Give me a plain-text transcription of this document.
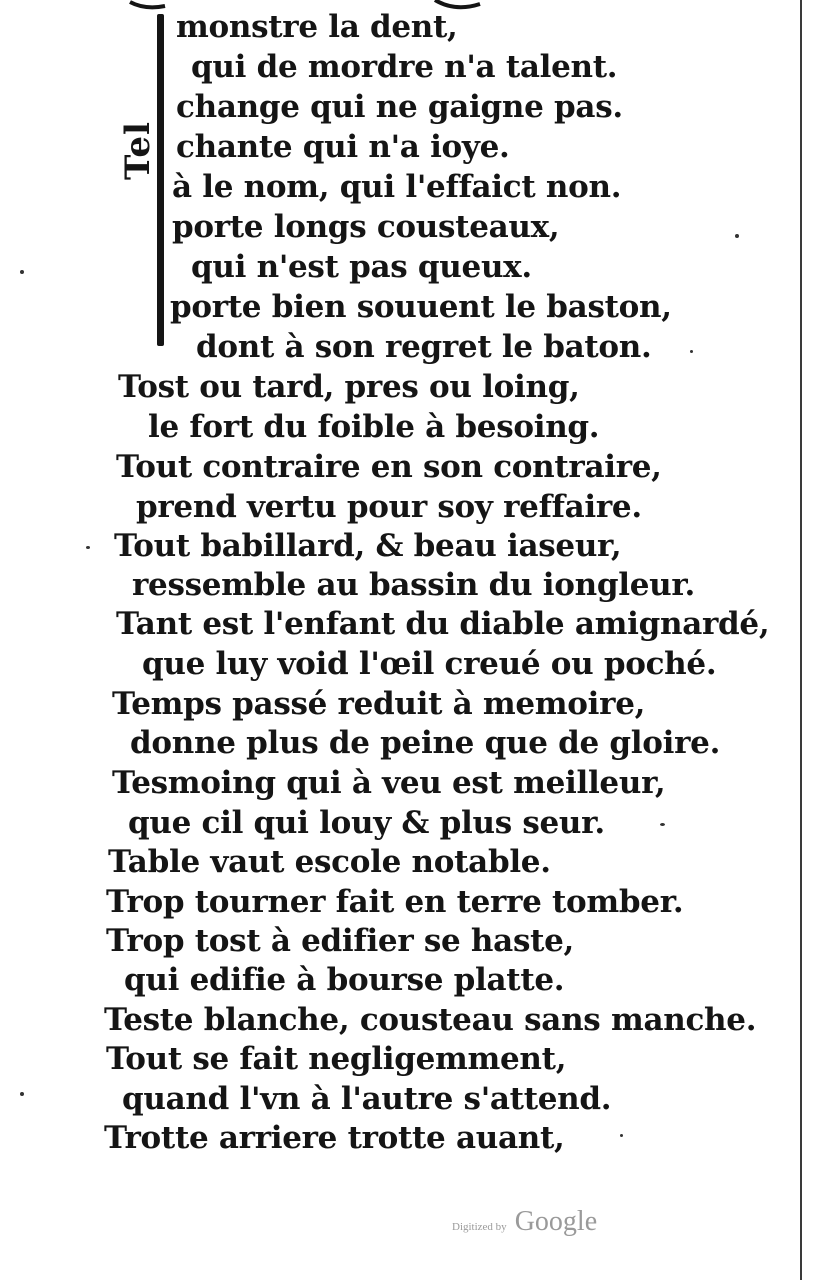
Tel
monstre la dent,
qui de mordre n'a talent.
change qui ne gaigne pas.
chante qui n'a ioye.
à le nom, qui l'effaict non.
porte longs cousteaux,
qui n'est pas queux.
porte bien souuent le baston,
dont à son regret le baton.
Tost ou tard, pres ou loing,
le fort du foible à besoing.
Tout contraire en son contraire,
prend vertu pour soy reffaire.
Tout babillard, & beau iaseur,
ressemble au bassin du iongleur.
Tant est l'enfant du diable amignardé,
que luy void l'œil creué ou poché.
Temps passé reduit à memoire,
donne plus de peine que de gloire.
Tesmoing qui à veu est meilleur,
que cil qui louy & plus seur.
Table vaut escole notable.
Trop tourner fait en terre tomber.
Trop tost à edifier se haste,
qui edifie à bourse platte.
Teste blanche, cousteau sans manche.
Tout se fait negligemment,
quand l'vn à l'autre s'attend.
Trotte arriere trotte auant,
Digitized by Google
